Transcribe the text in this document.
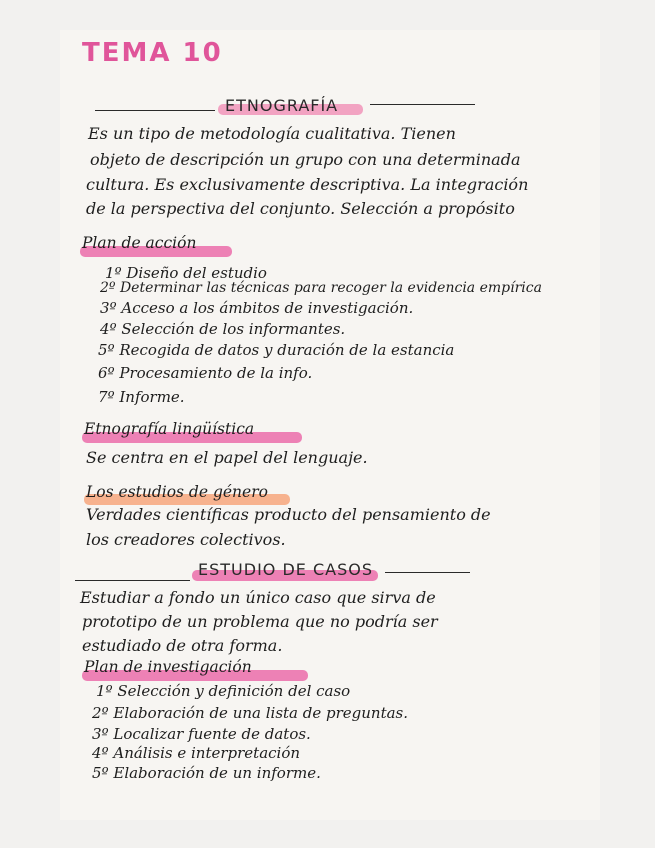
TEMA 10
ETNOGRAFÍA
Es un tipo de metodología cualitativa. Tienen
objeto de descripción un grupo con una determinada
cultura. Es exclusivamente descriptiva. La integración
de la perspectiva del conjunto. Selección a propósito
Plan de acción
1º Diseño del estudio
2º Determinar las técnicas para recoger la evidencia empírica
3º Acceso a los ámbitos de investigación.
4º Selección de los informantes.
5º Recogida de datos y duración de la estancia
6º Procesamiento de la info.
7º Informe.
Etnografía lingüística
Se centra en el papel del lenguaje.
Los estudios de género
Verdades científicas producto del pensamiento de
los creadores colectivos.
ESTUDIO DE CASOS
Estudiar a fondo un único caso que sirva de
prototipo de un problema que no podría ser
estudiado de otra forma.
Plan de investigación
1º Selección y definición del caso
2º Elaboración de una lista de preguntas.
3º Localizar fuente de datos.
4º Análisis e interpretación
5º Elaboración de un informe.
